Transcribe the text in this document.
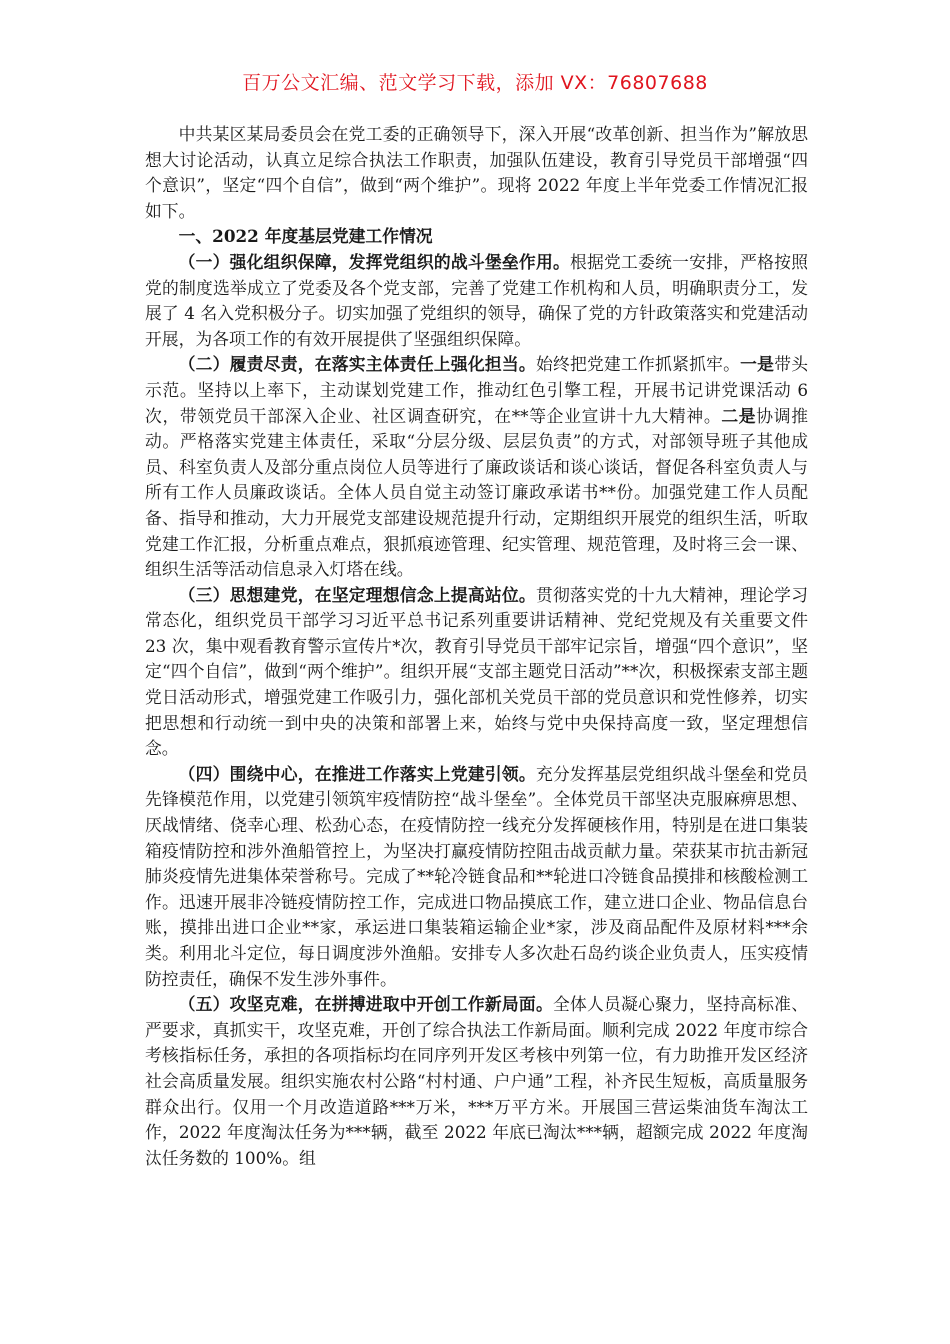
百万公文汇编、范文学习下载，添加 VX：76807688

中共某区某局委员会在党工委的正确领导下，深入开展“改革创新、担当作为”解放思想大讨论活动，认真立足综合执法工作职责，加强队伍建设，教育引导党员干部增强“四个意识”，坚定“四个自信”，做到“两个维护”。现将 2022 年度上半年党委工作情况汇报如下。

一、2022 年度基层党建工作情况

（一）强化组织保障，发挥党组织的战斗堡垒作用。根据党工委统一安排，严格按照党的制度选举成立了党委及各个党支部，完善了党建工作机构和人员，明确职责分工，发展了 4 名入党积极分子。切实加强了党组织的领导，确保了党的方针政策落实和党建活动开展，为各项工作的有效开展提供了坚强组织保障。

（二）履责尽责，在落实主体责任上强化担当。始终把党建工作抓紧抓牢。一是带头示范。坚持以上率下，主动谋划党建工作，推动红色引擎工程，开展书记讲党课活动 6 次，带领党员干部深入企业、社区调查研究，在**等企业宣讲十九大精神。二是协调推动。严格落实党建主体责任，采取“分层分级、层层负责”的方式，对部领导班子其他成员、科室负责人及部分重点岗位人员等进行了廉政谈话和谈心谈话，督促各科室负责人与所有工作人员廉政谈话。全体人员自觉主动签订廉政承诺书**份。加强党建工作人员配备、指导和推动，大力开展党支部建设规范提升行动，定期组织开展党的组织生活，听取党建工作汇报，分析重点难点，狠抓痕迹管理、纪实管理、规范管理，及时将三会一课、组织生活等活动信息录入灯塔在线。

（三）思想建党，在坚定理想信念上提高站位。贯彻落实党的十九大精神，理论学习常态化，组织党员干部学习习近平总书记系列重要讲话精神、党纪党规及有关重要文件 23 次，集中观看教育警示宣传片*次，教育引导党员干部牢记宗旨，增强“四个意识”，坚定“四个自信”，做到“两个维护”。组织开展“支部主题党日活动”**次，积极探索支部主题党日活动形式，增强党建工作吸引力，强化部机关党员干部的党员意识和党性修养，切实把思想和行动统一到中央的决策和部署上来，始终与党中央保持高度一致，坚定理想信念。

（四）围绕中心，在推进工作落实上党建引领。充分发挥基层党组织战斗堡垒和党员先锋模范作用，以党建引领筑牢疫情防控“战斗堡垒”。全体党员干部坚决克服麻痹思想、厌战情绪、侥幸心理、松劲心态，在疫情防控一线充分发挥硬核作用，特别是在进口集装箱疫情防控和涉外渔船管控上，为坚决打赢疫情防控阻击战贡献力量。荣获某市抗击新冠肺炎疫情先进集体荣誉称号。完成了**轮冷链食品和**轮进口冷链食品摸排和核酸检测工作。迅速开展非冷链疫情防控工作，完成进口物品摸底工作，建立进口企业、物品信息台账，摸排出进口企业**家，承运进口集装箱运输企业*家，涉及商品配件及原材料***余类。利用北斗定位，每日调度涉外渔船。安排专人多次赴石岛约谈企业负责人，压实疫情防控责任，确保不发生涉外事件。

（五）攻坚克难，在拼搏进取中开创工作新局面。全体人员凝心聚力，坚持高标准、严要求，真抓实干，攻坚克难，开创了综合执法工作新局面。顺利完成 2022 年度市综合考核指标任务，承担的各项指标均在同序列开发区考核中列第一位，有力助推开发区经济社会高质量发展。组织实施农村公路“村村通、户户通”工程，补齐民生短板，高质量服务群众出行。仅用一个月改造道路***万米，***万平方米。开展国三营运柴油货车淘汰工作，2022 年度淘汰任务为***辆，截至 2022 年底已淘汰***辆，超额完成 2022 年度淘汰任务数的 100%。组
